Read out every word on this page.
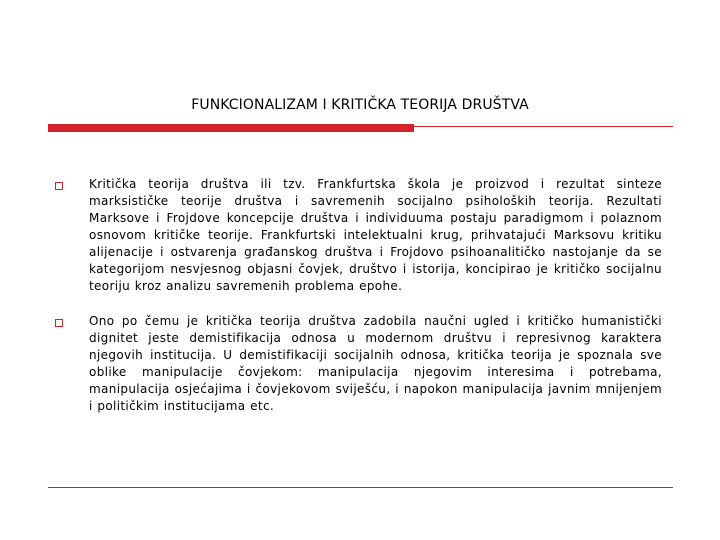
FUNKCIONALIZAM I KRITIČKA TEORIJA DRUŠTVA
Kritička teorija društva ili tzv. Frankfurtska škola je proizvod i rezultat sinteze marksističke teorije društva i savremenih socijalno psiholoških teorija. Rezultati Marksove i Frojdove koncepcije društva i individuuma postaju paradigmom i polaznom osnovom kritičke teorije. Frankfurtski intelektualni krug, prihvatajući Marksovu kritiku alijenacije i ostvarenja građanskog društva i Frojdovo psihoanalitičko nastojanje da se kategorijom nesvjesnog objasni čovjek, društvo i istorija, koncipirao je kritičko socijalnu teoriju kroz analizu savremenih problema epohe.
Ono po čemu je kritička teorija društva zadobila naučni ugled i kritičko humanistički dignitet jeste demistifikacija odnosa u modernom društvu i represivnog karaktera njegovih institucija. U demistifikaciji socijalnih odnosa, kritička teorija je spoznala sve oblike manipulacije čovjekom: manipulacija njegovim interesima i potrebama, manipulacija osjećajima i čovjekovom sviješću, i napokon manipulacija javnim mnijenjem i političkim institucijama etc.
